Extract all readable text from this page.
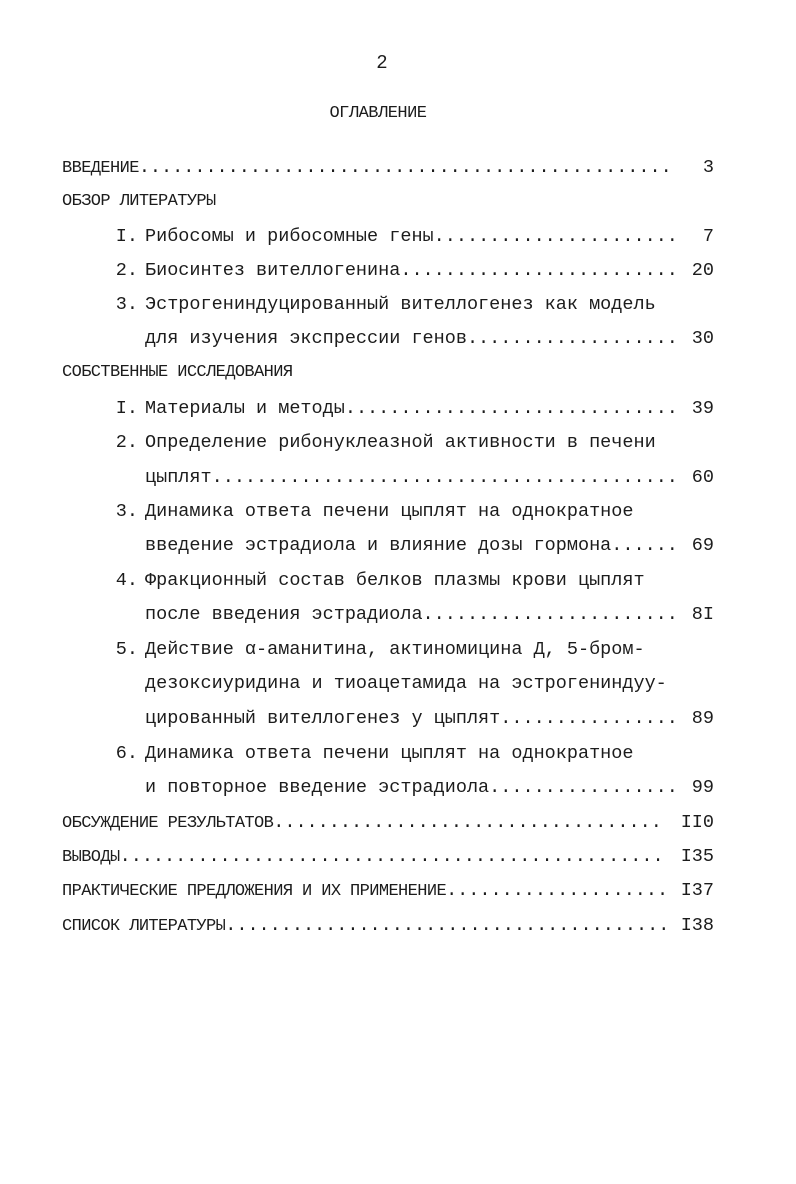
2
ОГЛАВЛЕНИЕ
ВВЕДЕНИЕ .....	3
ОБЗОР ЛИТЕРАТУРЫ
I. Рибосомы и рибосомные гены .....	7
2. Биосинтез вителлогенина .....	20
3. Эстрогениндуцированный вителлогенез как модель
для изучения экспрессии генов .....	30
СОБСТВЕННЫЕ ИССЛЕДОВАНИЯ
I. Материалы и методы .....	39
2. Определение рибонуклеазной активности в печени
цыплят .....	60
3. Динамика ответа печени цыплят на однократное
введение эстрадиола и влияние дозы гормона .....	69
4. Фракционный состав белков плазмы крови цыплят
после введения эстрадиола .....	8I
5. Действие α-аманитина, актиномицина Д, 5-бром-
дезоксиуридина и тиоацетамида на эстрогениндуу-
цированный вителлогенез у цыплят .....	89
6. Динамика ответа печени цыплят на однократное
и повторное введение эстрадиола .....	99
ОБСУЖДЕНИЕ РЕЗУЛЬТАТОВ .....	II0
ВЫВОДЫ .....	I35
ПРАКТИЧЕСКИЕ ПРЕДЛОЖЕНИЯ И ИХ ПРИМЕНЕНИЕ .....	I37
СПИСОК ЛИТЕРАТУРЫ .....	I38
